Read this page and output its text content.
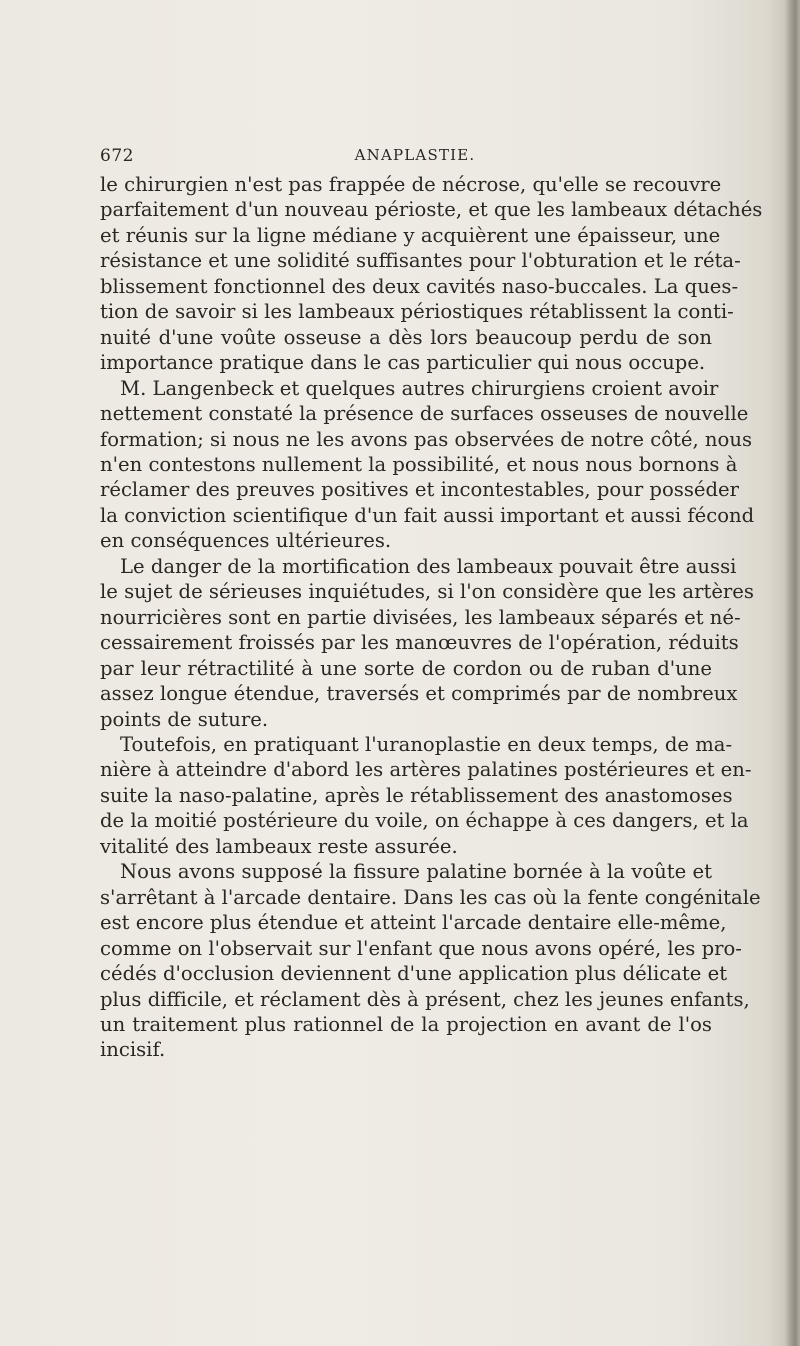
672	ANAPLASTIE.
le chirurgien n'est pas frappée de nécrose, qu'elle se recouvre
parfaitement d'un nouveau périoste, et que les lambeaux détachés
et réunis sur la ligne médiane y acquièrent une épaisseur, une
résistance et une solidité suffisantes pour l'obturation et le réta-
blissement fonctionnel des deux cavités naso-buccales. La ques-
tion de savoir si les lambeaux périostiques rétablissent la conti-
nuité d'une voûte osseuse a dès lors beaucoup perdu de son
importance pratique dans le cas particulier qui nous occupe.
M. Langenbeck et quelques autres chirurgiens croient avoir
nettement constaté la présence de surfaces osseuses de nouvelle
formation; si nous ne les avons pas observées de notre côté, nous
n'en contestons nullement la possibilité, et nous nous bornons à
réclamer des preuves positives et incontestables, pour posséder
la conviction scientifique d'un fait aussi important et aussi fécond
en conséquences ultérieures.
Le danger de la mortification des lambeaux pouvait être aussi
le sujet de sérieuses inquiétudes, si l'on considère que les artères
nourricières sont en partie divisées, les lambeaux séparés et né-
cessairement froissés par les manœuvres de l'opération, réduits
par leur rétractilité à une sorte de cordon ou de ruban d'une
assez longue étendue, traversés et comprimés par de nombreux
points de suture.
Toutefois, en pratiquant l'uranoplastie en deux temps, de ma-
nière à atteindre d'abord les artères palatines postérieures et en-
suite la naso-palatine, après le rétablissement des anastomoses
de la moitié postérieure du voile, on échappe à ces dangers, et la
vitalité des lambeaux reste assurée.
Nous avons supposé la fissure palatine bornée à la voûte et
s'arrêtant à l'arcade dentaire. Dans les cas où la fente congénitale
est encore plus étendue et atteint l'arcade dentaire elle-même,
comme on l'observait sur l'enfant que nous avons opéré, les pro-
cédés d'occlusion deviennent d'une application plus délicate et
plus difficile, et réclament dès à présent, chez les jeunes enfants,
un traitement plus rationnel de la projection en avant de l'os
incisif.
